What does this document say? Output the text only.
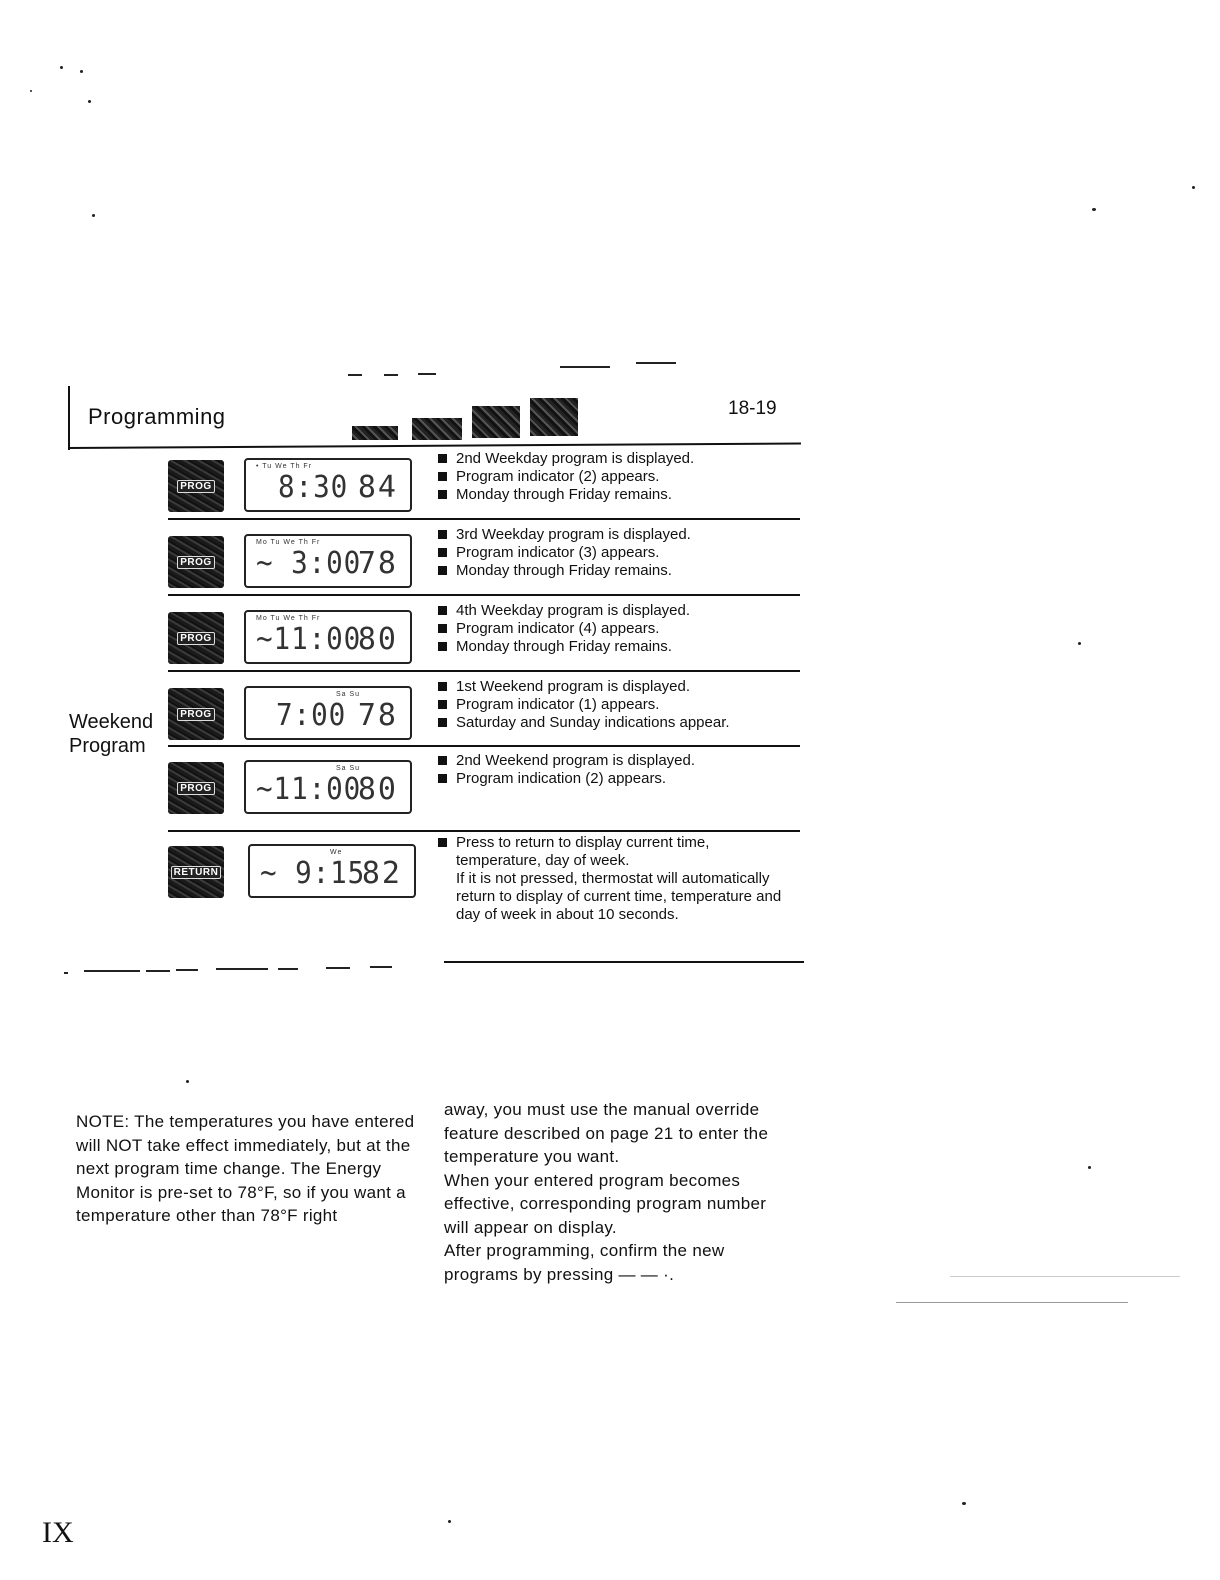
Programming	18-19
Weekend
Program
PROG
• Tu We Th Fr
8:30 84
2nd Weekday program is displayed.
Program indicator (2) appears.
Monday through Friday remains.
PROG
Mo Tu We Th Fr
~ 3:00
78
3rd Weekday program is displayed.
Program indicator (3) appears.
Monday through Friday remains.
PROG
Mo Tu We Th Fr
~11:00
80
4th Weekday program is displayed.
Program indicator (4) appears.
Monday through Friday remains.
PROG
Sa Su
7:00 78
1st Weekend program is displayed.
Program indicator (1) appears.
Saturday and Sunday indications appear.
PROG
Sa Su
~11:00
80
2nd Weekend program is displayed.
Program indication (2) appears.
RETURN
We
~ 9:15
82
Press to return to display current time, temperature, day of week.
If it is not pressed, thermostat will automatically return to display of current time, temperature and day of week in about 10 seconds.
NOTE: The temperatures you have entered will NOT take effect immediately, but at the next program time change. The Energy Monitor is pre-set to 78°F, so if you want a temperature other than 78°F right

away, you must use the manual override feature described on page 21 to enter the temperature you want.

When your entered program becomes effective, corresponding program number will appear on display.

After programming, confirm the new programs by pressing — — ·.

IX
